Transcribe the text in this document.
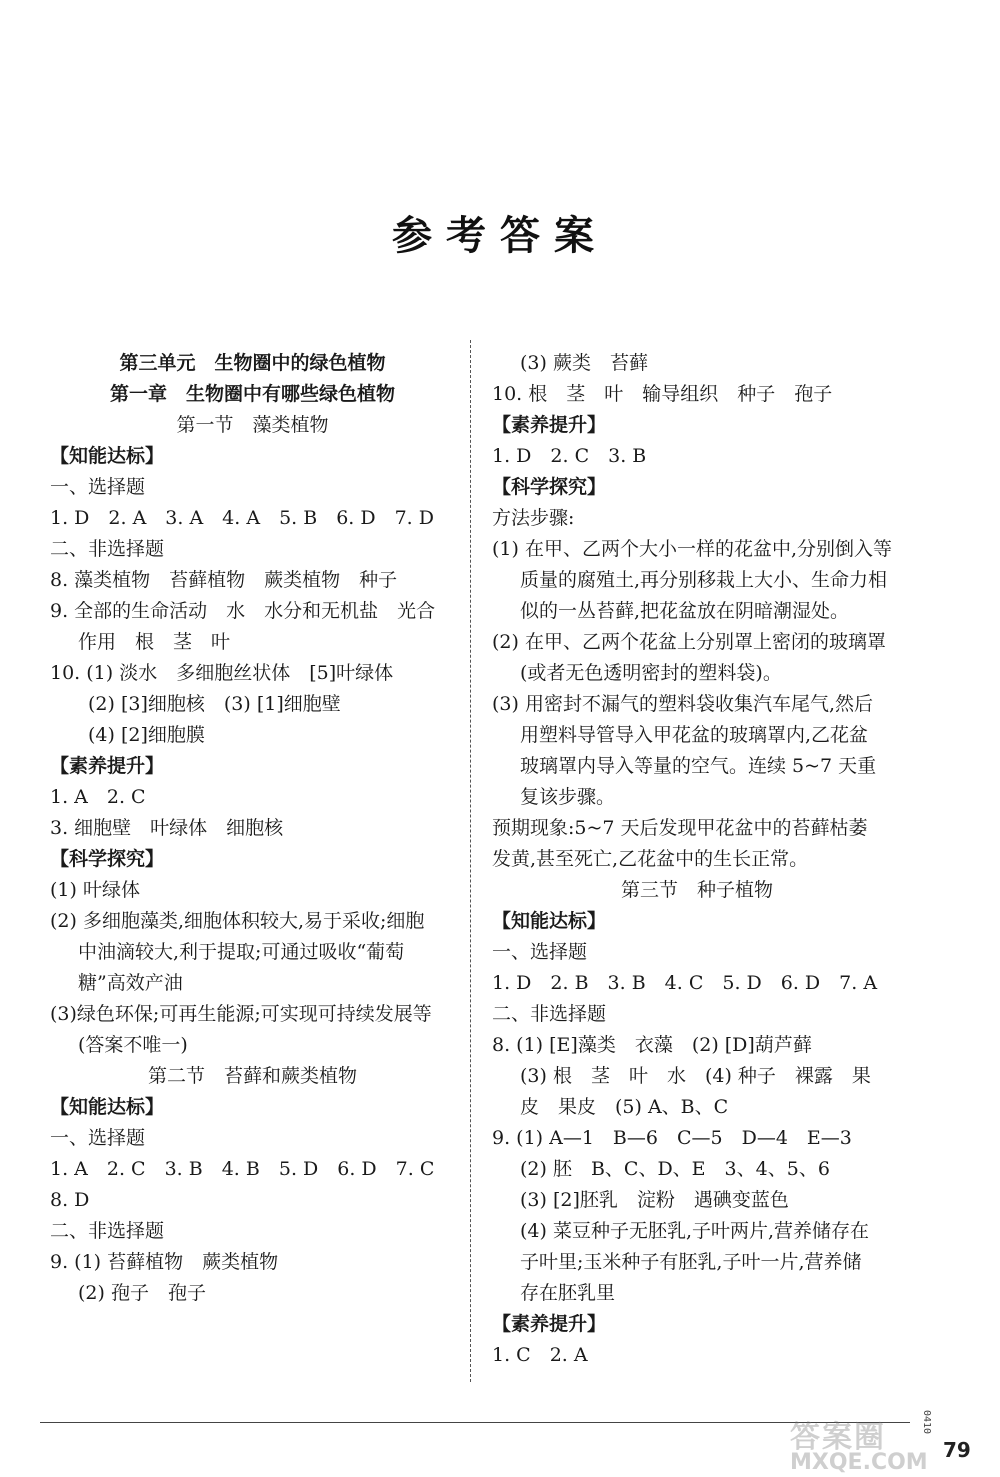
参考答案
第三单元　生物圈中的绿色植物
第一章　生物圈中有哪些绿色植物
第一节　藻类植物
【知能达标】
一、选择题
1. D　2. A　3. A　4. A　5. B　6. D　7. D
二、非选择题
8. 藻类植物　苔藓植物　蕨类植物　种子
9. 全部的生命活动　水　水分和无机盐　光合
作用　根　茎　叶
10. (1) 淡水　多细胞丝状体　[5]叶绿体
(2) [3]细胞核　(3) [1]细胞壁
(4) [2]细胞膜
【素养提升】
1. A　2. C
3. 细胞壁　叶绿体　细胞核
【科学探究】
(1) 叶绿体
(2) 多细胞藻类,细胞体积较大,易于采收;细胞
中油滴较大,利于提取;可通过吸收“葡萄
糖”高效产油
(3)绿色环保;可再生能源;可实现可持续发展等
(答案不唯一)
第二节　苔藓和蕨类植物
【知能达标】
一、选择题
1. A　2. C　3. B　4. B　5. D　6. D　7. C
8. D
二、非选择题
9. (1) 苔藓植物　蕨类植物
(2) 孢子　孢子
(3) 蕨类　苔藓
10. 根　茎　叶　输导组织　种子　孢子
【素养提升】
1. D　2. C　3. B
【科学探究】
方法步骤:
(1) 在甲、乙两个大小一样的花盆中,分别倒入等
质量的腐殖土,再分别移栽上大小、生命力相
似的一丛苔藓,把花盆放在阴暗潮湿处。
(2) 在甲、乙两个花盆上分别罩上密闭的玻璃罩
(或者无色透明密封的塑料袋)。
(3) 用密封不漏气的塑料袋收集汽车尾气,然后
用塑料导管导入甲花盆的玻璃罩内,乙花盆
玻璃罩内导入等量的空气。连续 5~7 天重
复该步骤。
预期现象:5~7 天后发现甲花盆中的苔藓枯萎
发黄,甚至死亡,乙花盆中的生长正常。
第三节　种子植物
【知能达标】
一、选择题
1. D　2. B　3. B　4. C　5. D　6. D　7. A
二、非选择题
8. (1) [E]藻类　衣藻　(2) [D]葫芦藓
(3) 根　茎　叶　水　(4) 种子　裸露　果
皮　果皮　(5) A、B、C
9. (1) A—1　B—6　C—5　D—4　E—3
(2) 胚　B、C、D、E　3、4、5、6
(3) [2]胚乳　淀粉　遇碘变蓝色
(4) 菜豆种子无胚乳,子叶两片,营养储存在
子叶里;玉米种子有胚乳,子叶一片,营养储
存在胚乳里
【素养提升】
1. C　2. A
0410
答案圈
MXQE.COM 79
